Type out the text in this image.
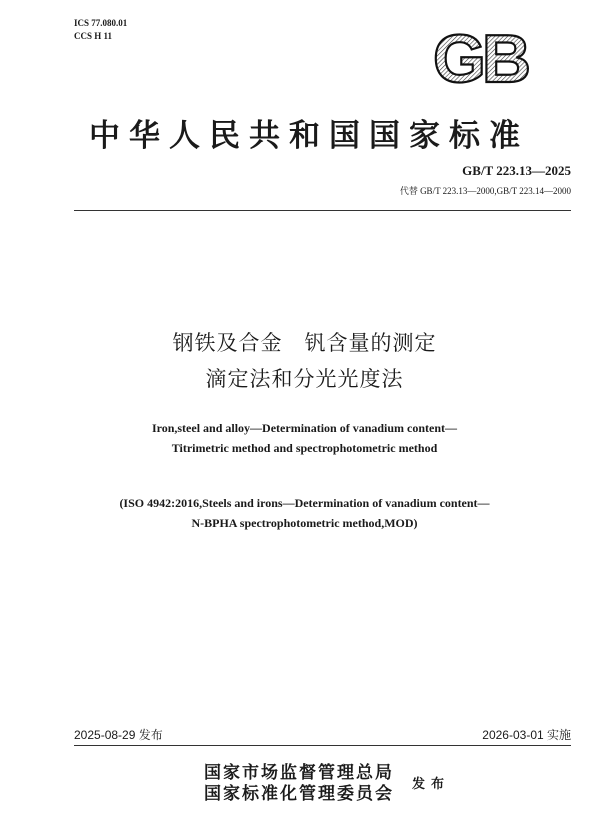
ICS 77.080.01
CCS H 11	GB
中华人民共和国国家标准
GB/T 223.13—2025
代替 GB/T 223.13—2000,GB/T 223.14—2000
钢铁及合金　钒含量的测定
滴定法和分光光度法
Iron,steel and alloy—Determination of vanadium content—
Titrimetric method and spectrophotometric method
(ISO 4942:2016,Steels and irons—Determination of vanadium content—
N-BPHA spectrophotometric method,MOD)
2025-08-29 发布	2026-03-01 实施
国家市场监督管理总局
国家标准化管理委员会 发布
